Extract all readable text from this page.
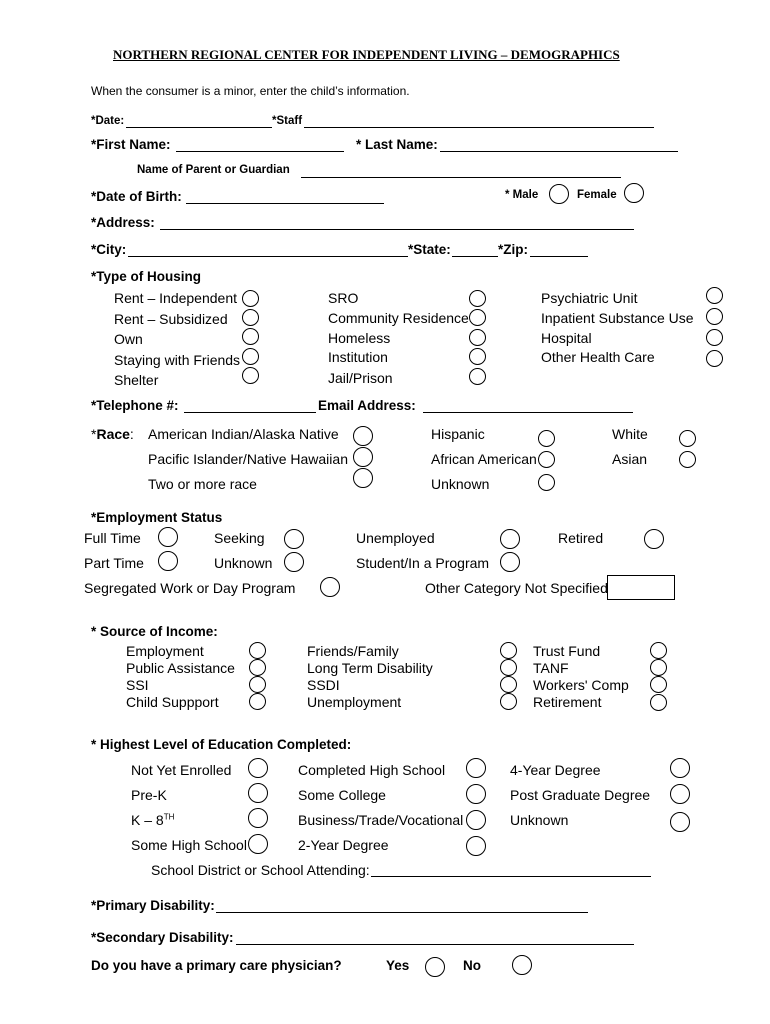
NORTHERN REGIONAL CENTER FOR INDEPENDENT LIVING – DEMOGRAPHICS
When the consumer is a minor, enter the child’s information.
*Date:	*Staff
*First Name:	* Last Name:
Name of Parent or Guardian
*Date of Birth:	* Male	Female
*Address:
*City:	*State:	*Zip:
*Type of Housing
Rent – Independent
Rent – Subsidized
Own
Staying with Friends
Shelter
SRO
Community Residence
Homeless
Institution
Jail/Prison
Psychiatric Unit
Inpatient Substance Use
Hospital
Other Health Care
*Telephone #:	Email Address:
*Race: American Indian/Alaska Native
Pacific Islander/Native Hawaiian
Two or more race
Hispanic
African American
Unknown
White
Asian
*Employment Status
Full Time	Seeking	Unemployed	Retired
Part Time	Unknown	Student/In a Program
Segregated Work or Day Program	Other Category Not Specified
* Source of Income:
Employment
Public Assistance
SSI
Child Suppport
Friends/Family
Long Term Disability
SSDI
Unemployment
Trust Fund
TANF
Workers' Comp
Retirement
* Highest Level of Education Completed:
Not Yet Enrolled
Pre-K
K – 8TH
Some High School
Completed High School
Some College
Business/Trade/Vocational
2-Year Degree
4-Year Degree
Post Graduate Degree
Unknown
School District or School Attending:
*Primary Disability:
*Secondary Disability:
Do you have a primary care physician?	Yes	No
